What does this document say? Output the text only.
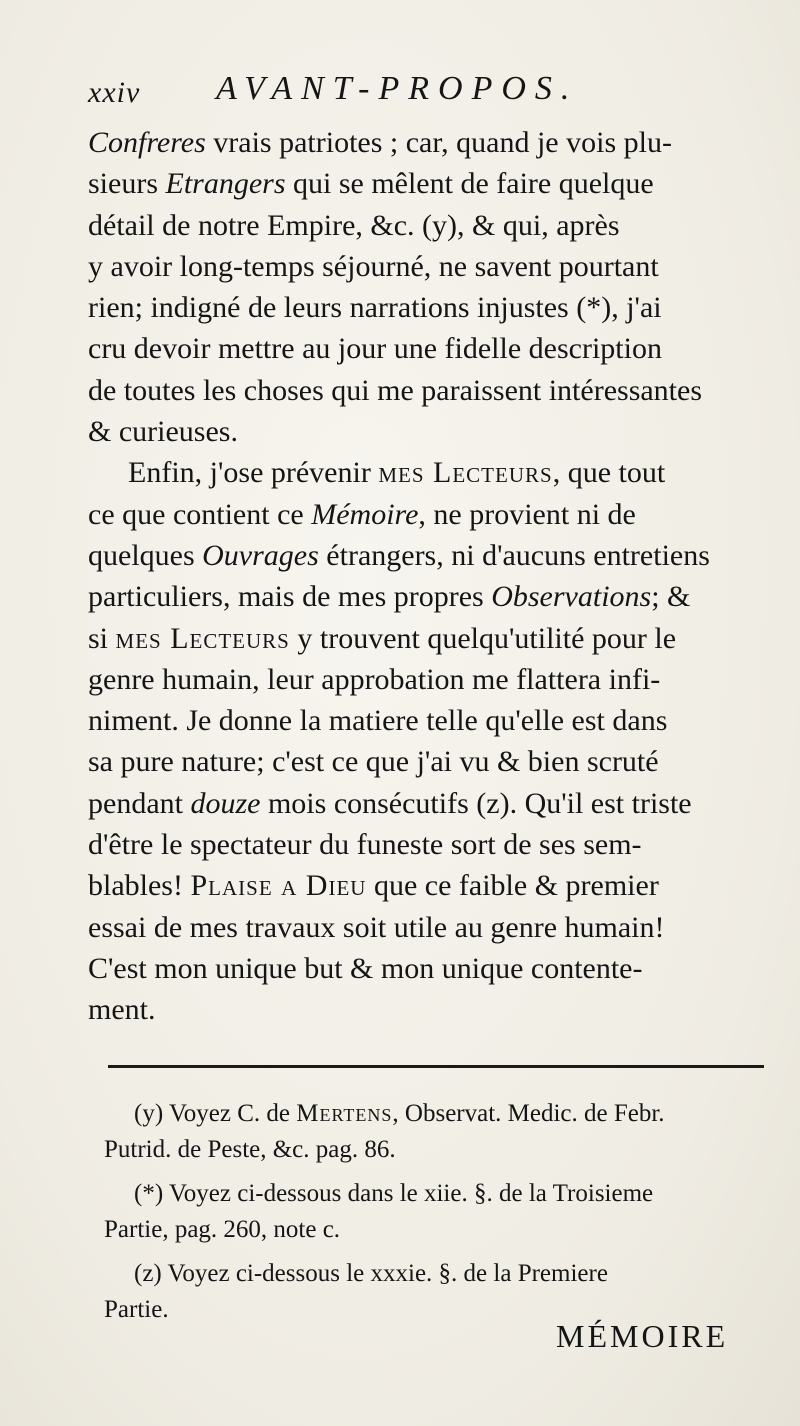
xxiv AVANT-PROPOS.
Confreres vrais patriotes ; car, quand je vois plu-
sieurs Etrangers qui se mêlent de faire quelque
détail de notre Empire, &c. (y), & qui, après
y avoir long-temps séjourné, ne savent pourtant
rien; indigné de leurs narrations injustes (*), j'ai
cru devoir mettre au jour une fidelle description
de toutes les choses qui me paraissent intéressantes
& curieuses.
Enfin, j'ose prévenir mes Lecteurs, que tout
ce que contient ce Mémoire, ne provient ni de
quelques Ouvrages étrangers, ni d'aucuns entretiens
particuliers, mais de mes propres Observations; &
si mes Lecteurs y trouvent quelqu'utilité pour le
genre humain, leur approbation me flattera infi-
niment. Je donne la matiere telle qu'elle est dans
sa pure nature; c'est ce que j'ai vu & bien scruté
pendant douze mois consécutifs (z). Qu'il est triste
d'être le spectateur du funeste sort de ses sem-
blables! Plaise a Dieu que ce faible & premier
essai de mes travaux soit utile au genre humain!
C'est mon unique but & mon unique contente-
ment.
(y) Voyez C. de Mertens, Observat. Medic. de Febr.
Putrid. de Peste, &c. pag. 86.
(*) Voyez ci-dessous dans le xiie. §. de la Troisieme
Partie, pag. 260, note c.
(z) Voyez ci-dessous le xxxie. §. de la Premiere
Partie.
MÉMOIRE
